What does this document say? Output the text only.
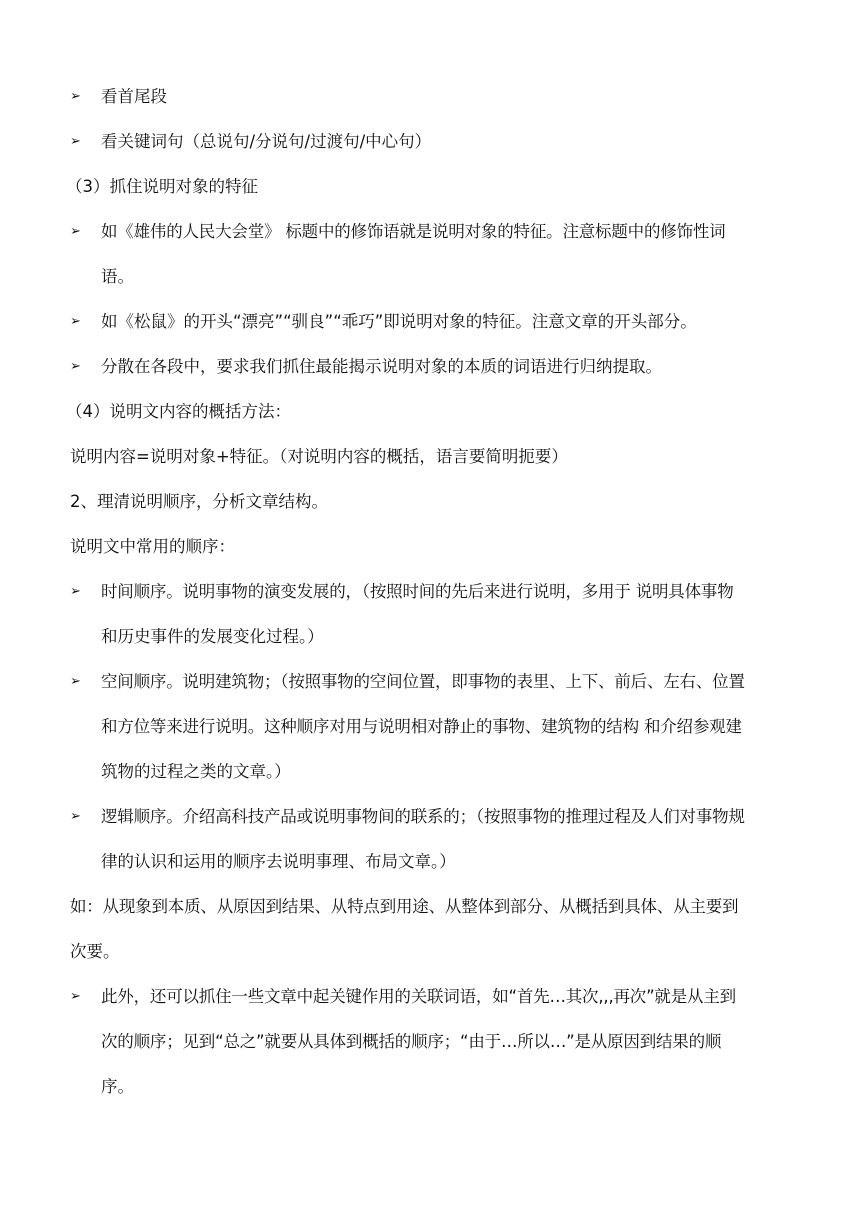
➢ 看首尾段
➢ 看关键词句（总说句/分说句/过渡句/中心句）
（3）抓住说明对象的特征
➢ 如《雄伟的人民大会堂》 标题中的修饰语就是说明对象的特征。注意标题中的修饰性词
语。
➢ 如《松鼠》的开头“漂亮”“驯良”“乖巧”即说明对象的特征。注意文章的开头部分。
➢ 分散在各段中，要求我们抓住最能揭示说明对象的本质的词语进行归纳提取。
（4）说明文内容的概括方法：
说明内容=说明对象+特征。（对说明内容的概括，语言要简明扼要）
2、理清说明顺序，分析文章结构。
说明文中常用的顺序：
➢ 时间顺序。说明事物的演变发展的，（按照时间的先后来进行说明，多用于 说明具体事物
和历史事件的发展变化过程。）
➢ 空间顺序。说明建筑物；（按照事物的空间位置，即事物的表里、上下、前后、左右、位置
和方位等来进行说明。这种顺序对用与说明相对静止的事物、建筑物的结构 和介绍参观建
筑物的过程之类的文章。）
➢ 逻辑顺序。介绍高科技产品或说明事物间的联系的；（按照事物的推理过程及人们对事物规
律的认识和运用的顺序去说明事理、布局文章。）
如：从现象到本质、从原因到结果、从特点到用途、从整体到部分、从概括到具体、从主要到
次要。
➢ 此外，还可以抓住一些文章中起关键作用的关联词语，如“首先…其次,,,再次”就是从主到
次的顺序；见到“总之”就要从具体到概括的顺序；“由于…所以…”是从原因到结果的顺
序。
